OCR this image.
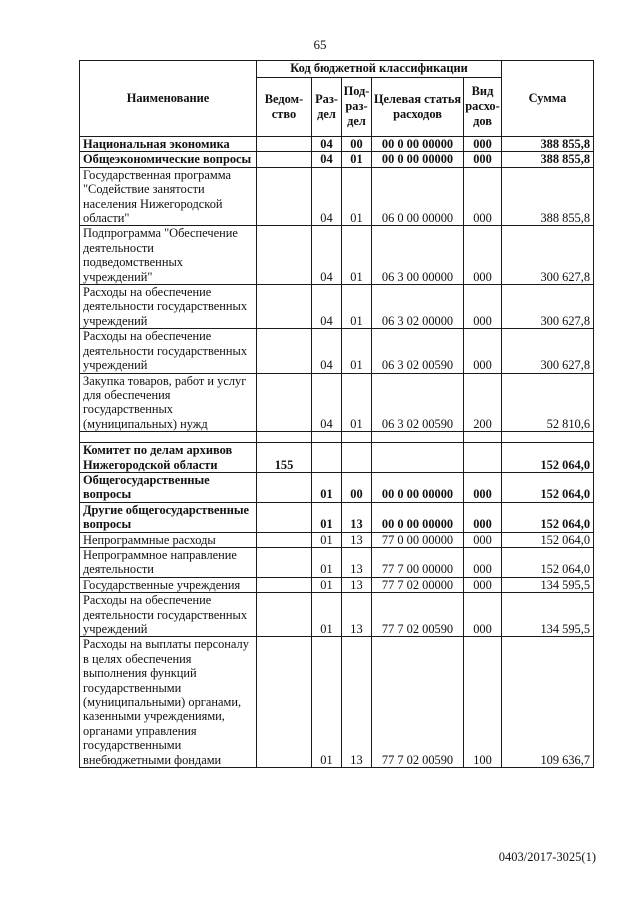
65
Наименование	Код бюджетной классификации					Сумма
	Ведом-ство	Раз-дел	Под-раз-дел	Целевая статья расходов	Вид расхо-дов	
Национальная экономика		04	00	00 0 00 00000	000	388 855,8
Общеэкономические вопросы		04	01	00 0 00 00000	000	388 855,8
Государственная программа "Содействие занятости населения Нижегородской области"		04	01	06 0 00 00000	000	388 855,8
Подпрограмма "Обеспечение деятельности подведомственных учреждений"		04	01	06 3 00 00000	000	300 627,8
Расходы на обеспечение деятельности государственных учреждений		04	01	06 3 02 00000	000	300 627,8
Расходы на обеспечение деятельности государственных учреждений		04	01	06 3 02 00590	000	300 627,8
Закупка товаров, работ и услуг для обеспечения государственных (муниципальных) нужд		04	01	06 3 02 00590	200	52 810,6

Комитет по делам архивов Нижегородской области	155					152 064,0
Общегосударственные вопросы		01	00	00 0 00 00000	000	152 064,0
Другие общегосударственные вопросы		01	13	00 0 00 00000	000	152 064,0
Непрограммные расходы		01	13	77 0 00 00000	000	152 064,0
Непрограммное направление деятельности		01	13	77 7 00 00000	000	152 064,0
Государственные учреждения		01	13	77 7 02 00000	000	134 595,5
Расходы на обеспечение деятельности государственных учреждений		01	13	77 7 02 00590	000	134 595,5
Расходы на выплаты персоналу в целях обеспечения выполнения функций государственными (муниципальными) органами, казенными учреждениями, органами управления государственными внебюджетными фондами		01	13	77 7 02 00590	100	109 636,7
0403/2017-3025(1)
